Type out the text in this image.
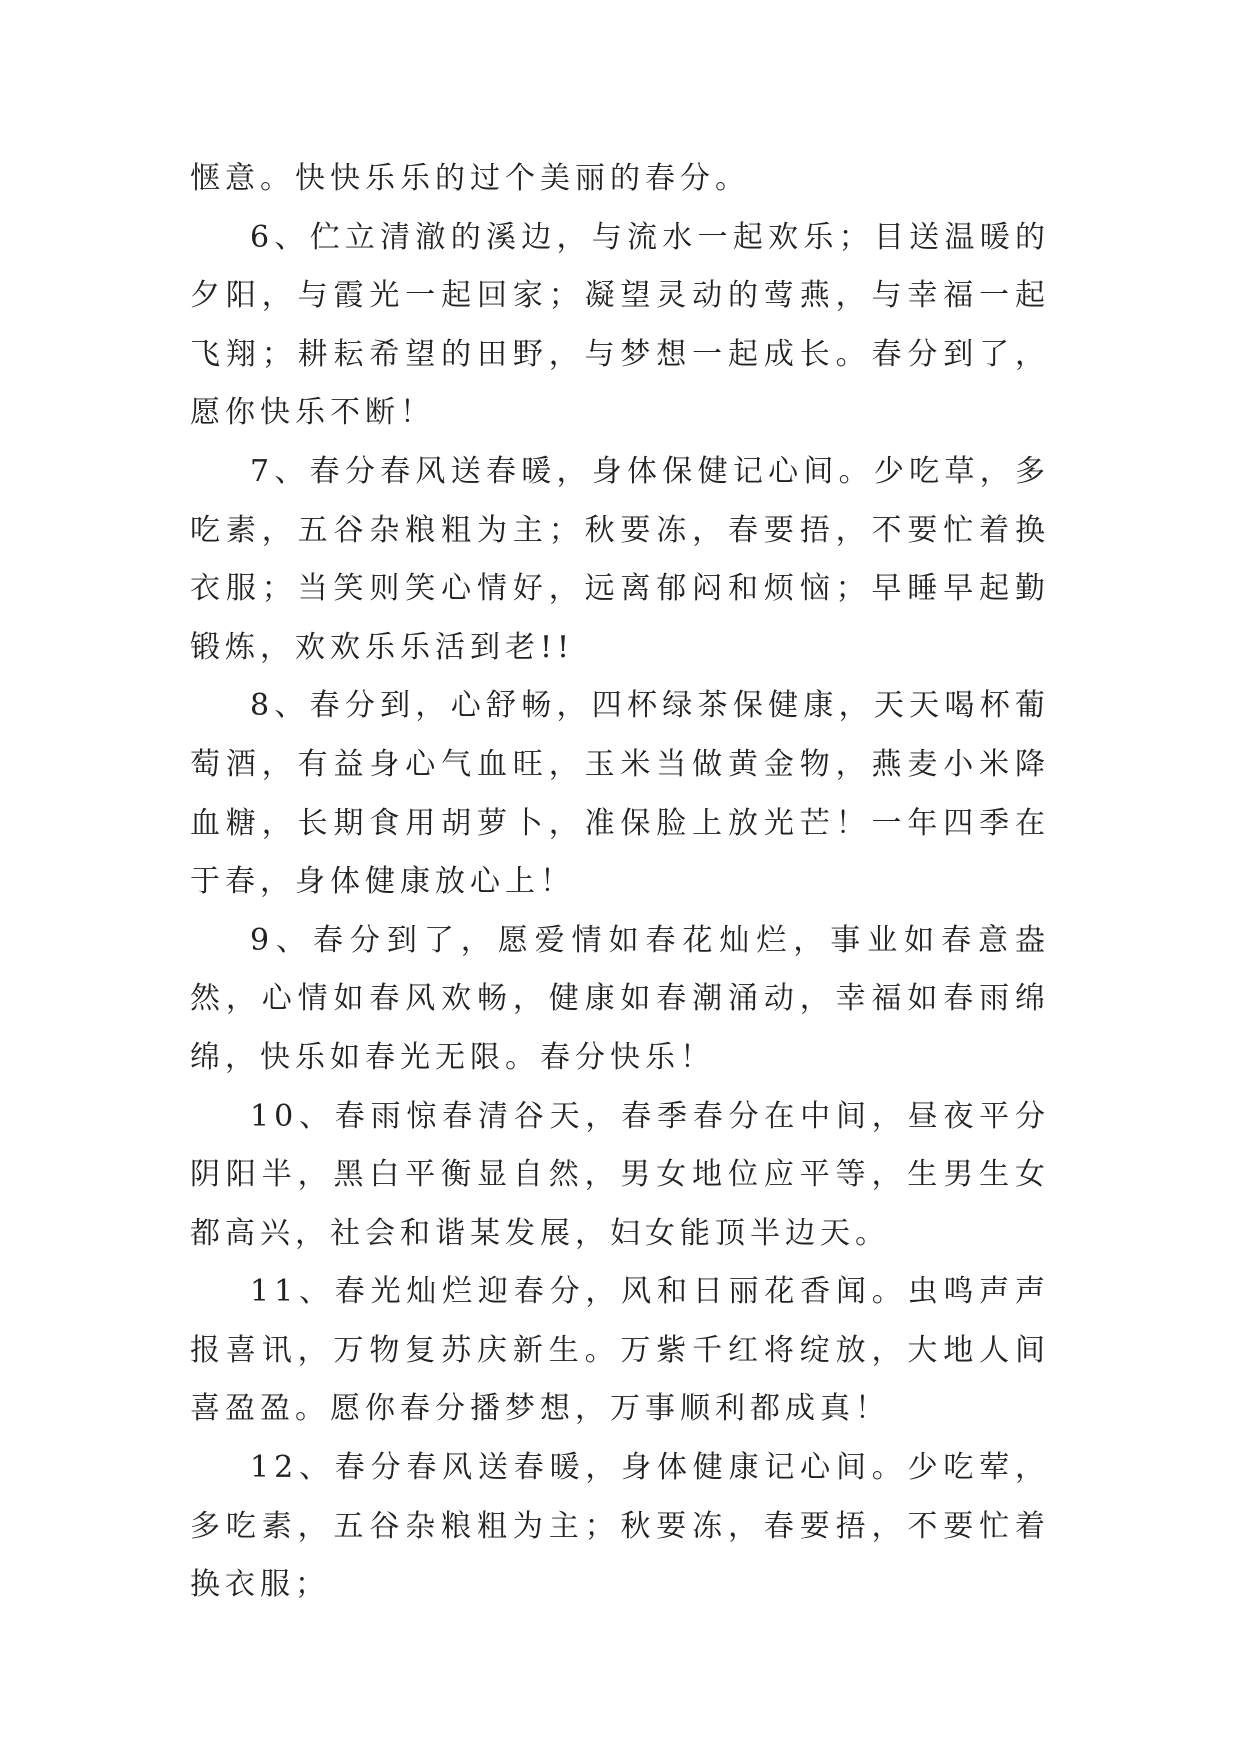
惬意。快快乐乐的过个美丽的春分。

6、伫立清澈的溪边，与流水一起欢乐；目送温暖的夕阳，与霞光一起回家；凝望灵动的莺燕，与幸福一起飞翔；耕耘希望的田野，与梦想一起成长。春分到了，愿你快乐不断！

7、春分春风送春暖，身体保健记心间。少吃草，多吃素，五谷杂粮粗为主；秋要冻，春要捂，不要忙着换衣服；当笑则笑心情好，远离郁闷和烦恼；早睡早起勤锻炼，欢欢乐乐活到老!!

8、春分到，心舒畅，四杯绿茶保健康，天天喝杯葡萄酒，有益身心气血旺，玉米当做黄金物，燕麦小米降血糖，长期食用胡萝卜，准保脸上放光芒！一年四季在于春，身体健康放心上！

9、春分到了，愿爱情如春花灿烂，事业如春意盎然，心情如春风欢畅，健康如春潮涌动，幸福如春雨绵绵，快乐如春光无限。春分快乐！

10、春雨惊春清谷天，春季春分在中间，昼夜平分阴阳半，黑白平衡显自然，男女地位应平等，生男生女都高兴，社会和谐某发展，妇女能顶半边天。

11、春光灿烂迎春分，风和日丽花香闻。虫鸣声声报喜讯，万物复苏庆新生。万紫千红将绽放，大地人间喜盈盈。愿你春分播梦想，万事顺利都成真！

12、春分春风送春暖，身体健康记心间。少吃荤，多吃素，五谷杂粮粗为主；秋要冻，春要捂，不要忙着换衣服；
